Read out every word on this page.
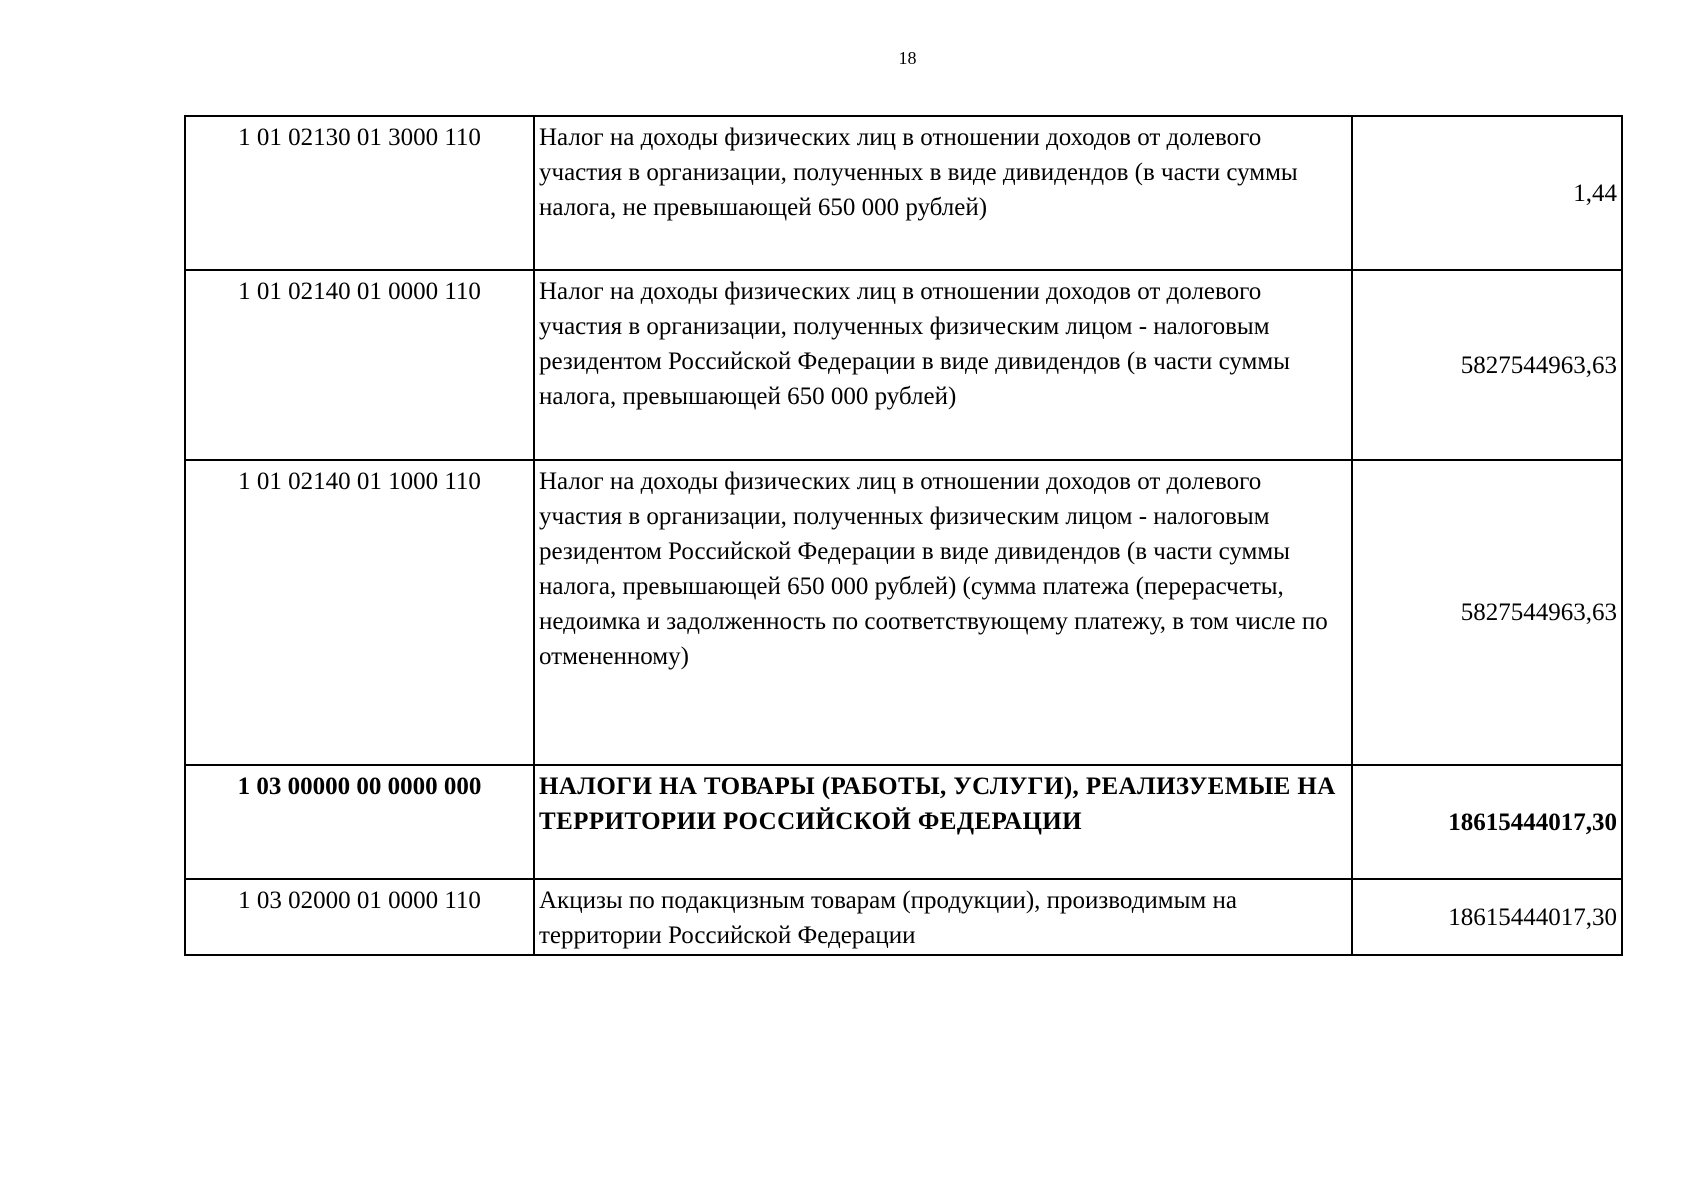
18
1 01 02130 01 3000 110	Налог на доходы физических лиц в отношении доходов от долевого участия в организации, полученных в виде дивидендов (в части суммы налога, не превышающей 650 000 рублей)	1,44
1 01 02140 01 0000 110	Налог на доходы физических лиц в отношении доходов от долевого участия в организации, полученных физическим лицом - налоговым резидентом Российской Федерации в виде дивидендов (в части суммы налога, превышающей 650 000 рублей)	5827544963,63
1 01 02140 01 1000 110	Налог на доходы физических лиц в отношении доходов от долевого участия в организации, полученных физическим лицом - налоговым резидентом Российской Федерации в виде дивидендов (в части суммы налога, превышающей 650 000 рублей) (сумма платежа (перерасчеты, недоимка и задолженность по соответствующему платежу, в том числе по отмененному)	5827544963,63
1 03 00000 00 0000 000	НАЛОГИ НА ТОВАРЫ (РАБОТЫ, УСЛУГИ), РЕАЛИЗУЕМЫЕ НА ТЕРРИТОРИИ РОССИЙСКОЙ ФЕДЕРАЦИИ	18615444017,30
1 03 02000 01 0000 110	Акцизы по подакцизным товарам (продукции), производимым на территории Российской Федерации	18615444017,30
